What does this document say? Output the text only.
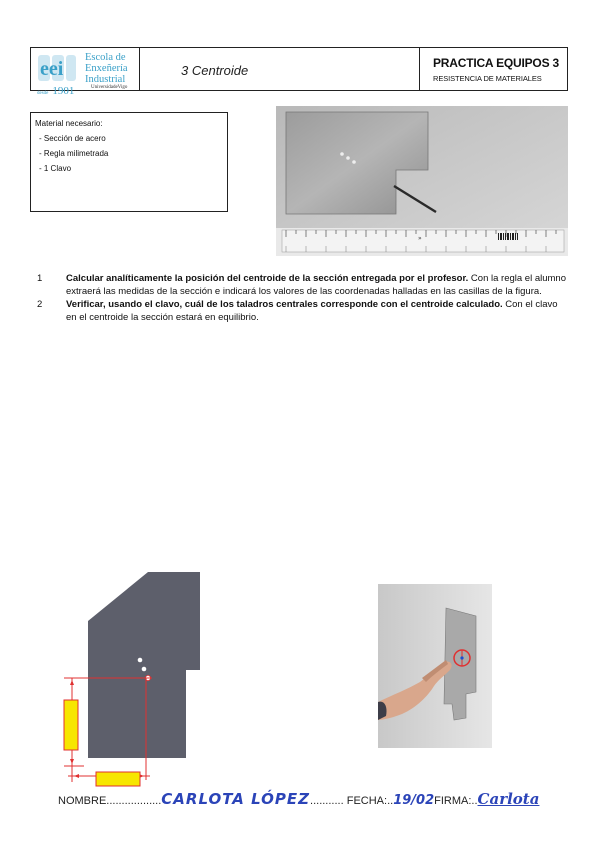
eei
Escola de
Enxeñería
Industrial
desde 1901	UniversidadeVigo
3 Centroide	PRACTICA EQUIPOS 3
RESISTENCIA DE MATERIALES
Material necesario:
- Sección de acero
- Regla milimetrada
- 1 Clavo
»
1	Calcular analíticamente la posición del centroide de la sección entregada por el profesor. Con la regla el alumno extraerá las medidas de la sección e indicará los valores de las coordenadas halladas en las casillas de la figura.
2	Verificar, usando el clavo, cuál de los taladros centrales corresponde con el centroide calculado. Con el clavo en el centroide la sección estará en equilibrio.
NOMBRE..................CARLOTA LÓPEZ........... FECHA:..19/02FIRMA:..Carlota
